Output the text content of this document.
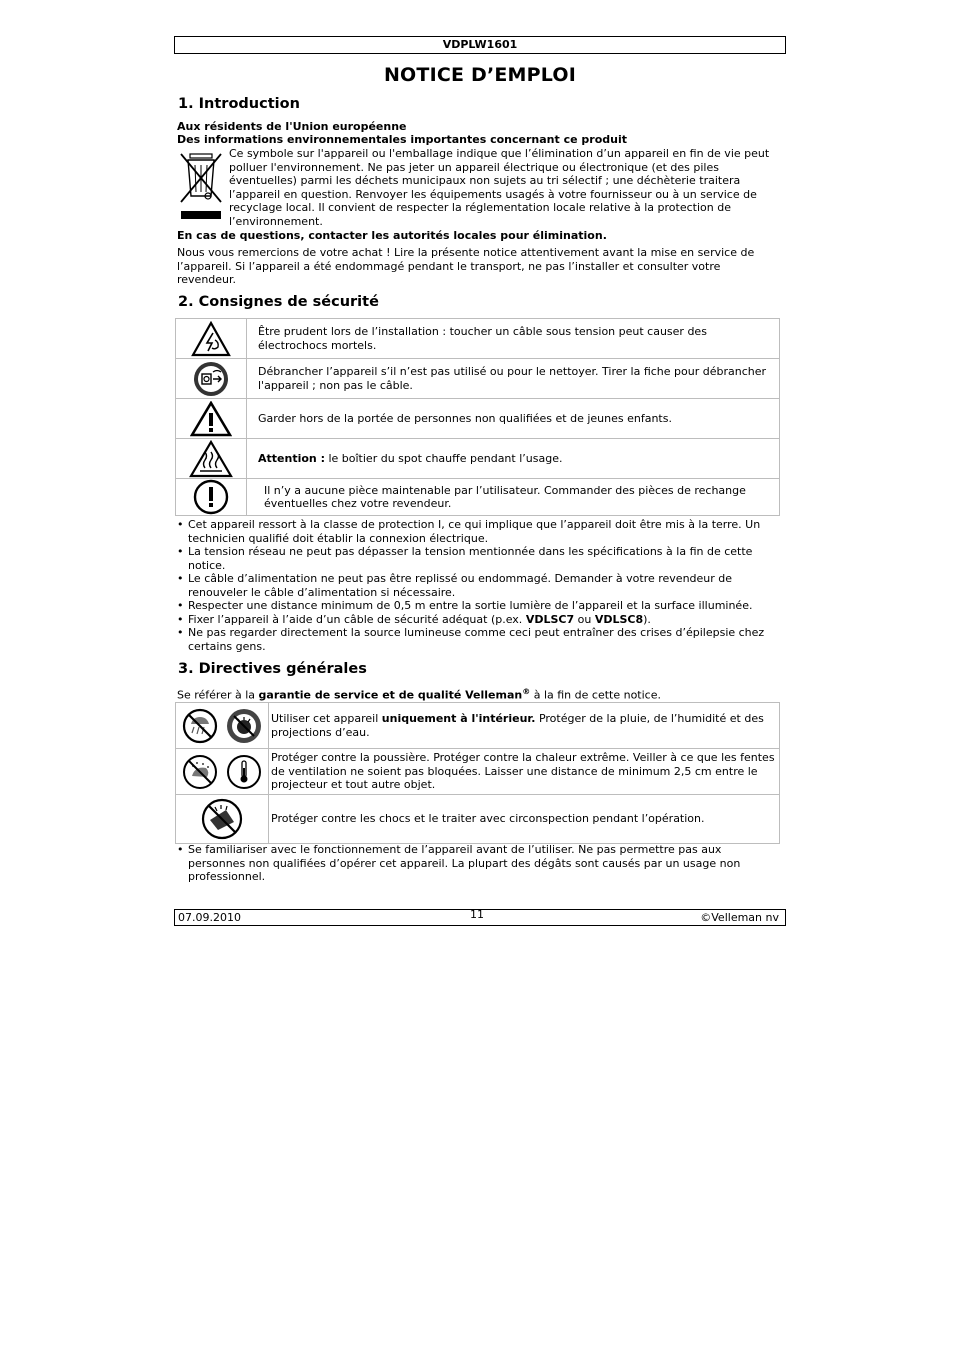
VDPLW1601
NOTICE D’EMPLOI
1. Introduction
Aux résidents de l'Union européenne
Des informations environnementales importantes concernant ce produit
Ce symbole sur l'appareil ou l'emballage indique que l’élimination d’un appareil en fin de vie peut polluer l'environnement. Ne pas jeter un appareil électrique ou électronique (et des piles éventuelles) parmi les déchets municipaux non sujets au tri sélectif ; une déchèterie traitera l’appareil en question. Renvoyer les équipements usagés à votre fournisseur ou à un service de recyclage local. Il convient de respecter la réglementation locale relative à la protection de l’environnement.
En cas de questions, contacter les autorités locales pour élimination.
Nous vous remercions de votre achat ! Lire la présente notice attentivement avant la mise en service de l’appareil. Si l’appareil a été endommagé pendant le transport, ne pas l’installer et consulter votre revendeur.
2. Consignes de sécurité
	Être prudent lors de l’installation : toucher un câble sous tension peut causer des électrochocs mortels.

	Débrancher l’appareil s’il n’est pas utilisé ou pour le nettoyer. Tirer la fiche pour débrancher l'appareil ; non pas le câble.

	Garder hors de la portée de personnes non qualifiées et de jeunes enfants.

	Attention : le boîtier du spot chauffe pendant l’usage.

	Il n’y a aucune pièce maintenable par l’utilisateur. Commander des pièces de rechange éventuelles chez votre revendeur.
• Cet appareil ressort à la classe de protection I, ce qui implique que l’appareil doit être mis à la terre. Un technicien qualifié doit établir la connexion électrique.
• La tension réseau ne peut pas dépasser la tension mentionnée dans les spécifications à la fin de cette notice.
• Le câble d’alimentation ne peut pas être replissé ou endommagé. Demander à votre revendeur de renouveler le câble d’alimentation si nécessaire.
• Respecter une distance minimum de 0,5 m entre la sortie lumière de l’appareil et la surface illuminée.
• Fixer l’appareil à l’aide d’un câble de sécurité adéquat (p.ex. VDLSC7 ou VDLSC8).
• Ne pas regarder directement la source lumineuse comme ceci peut entraîner des crises d’épilepsie chez certains gens.
3. Directives générales
Se référer à la garantie de service et de qualité Velleman® à la fin de cette notice.
	Utiliser cet appareil uniquement à l'intérieur. Protéger de la pluie, de l’humidité et des projections d’eau.

	Protéger contre la poussière. Protéger contre la chaleur extrême. Veiller à ce que les fentes de ventilation ne soient pas bloquées. Laisser une distance de minimum 2,5 cm entre le projecteur et tout autre objet.

	Protéger contre les chocs et le traiter avec circonspection pendant l’opération.
• Se familiariser avec le fonctionnement de l’appareil avant de l’utiliser. Ne pas permettre pas aux personnes non qualifiées d’opérer cet appareil. La plupart des dégâts sont causés par un usage non professionnel.
07.09.2010	11	©Velleman nv
